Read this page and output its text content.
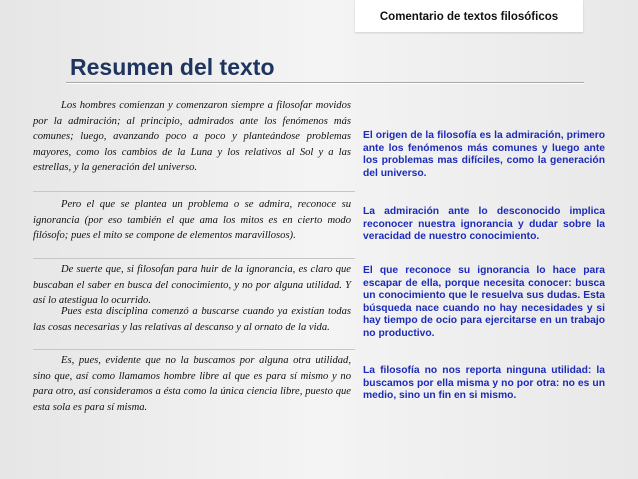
Comentario de textos filosóficos
Resumen del texto
Los hombres comienzan y comenzaron siempre a filosofar movidos por la admiración; al principio, admirados ante los fenómenos más comunes; luego, avanzando poco a poco y planteándose problemas mayores, como los cambios de la Luna y los relativos al Sol y a las estrellas, y la generación del universo.
Pero el que se plantea un problema o se admira, reconoce su ignorancia (por eso también el que ama los mitos es en cierto modo filósofo; pues el mito se compone de elementos maravillosos).
De suerte que, si filosofan para huir de la ignorancia, es claro que buscaban el saber en busca del conocimiento, y no por alguna utilidad. Y así lo atestigua lo ocurrido.
Pues esta disciplina comenzó a buscarse cuando ya existían todas las cosas necesarias y las relativas al descanso y al ornato de la vida.
Es, pues, evidente que no la buscamos por alguna otra utilidad, sino que, así como llamamos hombre libre al que es para sí mismo y no para otro, así consideramos a ésta como la única ciencia libre, puesto que esta sola es para sí misma.
El origen de la filosofía es la admiración, primero ante los fenómenos más comunes y luego ante los problemas mas difíciles, como la generación del universo.
La admiración ante lo desconocido implica reconocer nuestra ignorancia y dudar sobre la veracidad de nuestro conocimiento.
El que reconoce su ignorancia lo hace para escapar de ella, porque necesita conocer: busca un conocimiento que le resuelva sus dudas. Esta búsqueda nace cuando no hay necesidades y si hay tiempo de ocio para ejercitarse en un trabajo no productivo.
La filosofía no nos reporta ninguna utilidad: la buscamos por ella misma y no por otra: no es un medio, sino un fin en si mismo.
